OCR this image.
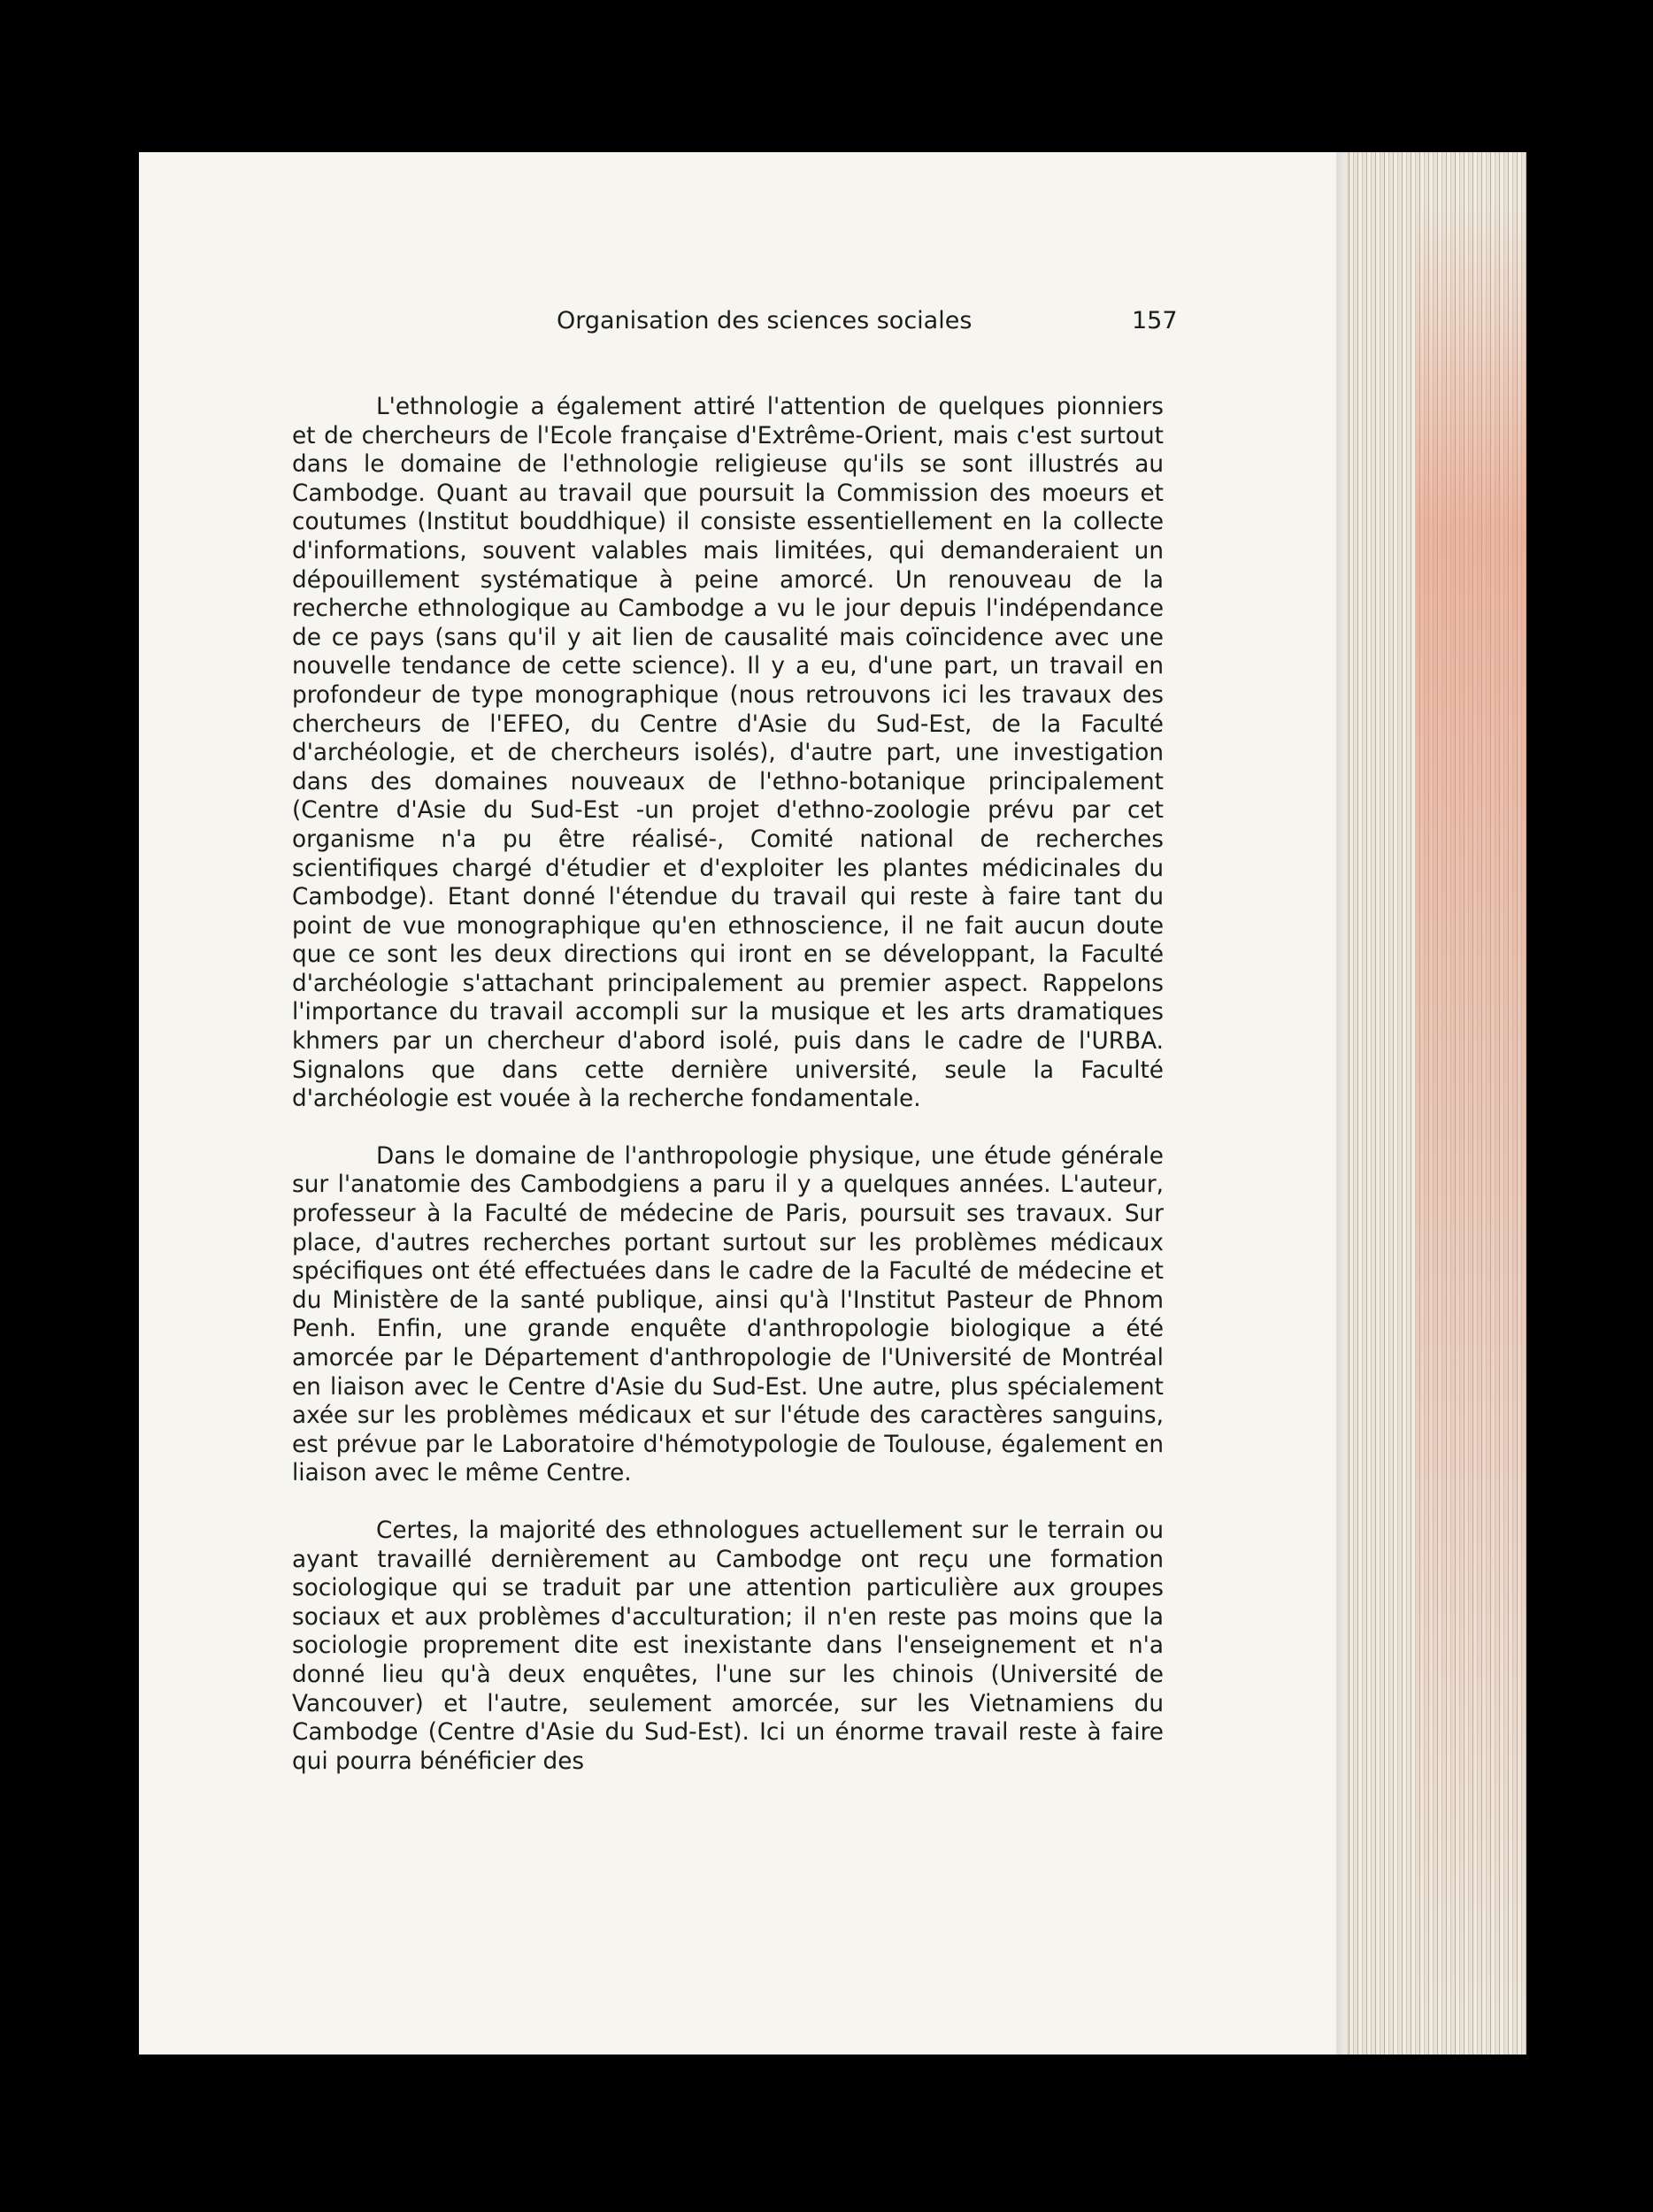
Organisation des sciences sociales	157

L'ethnologie a également attiré l'attention de quelques pionniers et de chercheurs de l'Ecole française d'Extrême-Orient, mais c'est surtout dans le domaine de l'ethnologie religieuse qu'ils se sont illustrés au Cambodge. Quant au travail que poursuit la Commission des moeurs et coutumes (Institut bouddhique) il consiste essentiellement en la collecte d'informations, souvent valables mais limitées, qui demanderaient un dépouillement systématique à peine amorcé. Un renouveau de la recherche ethnologique au Cambodge a vu le jour depuis l'indépendance de ce pays (sans qu'il y ait lien de causalité mais coïncidence avec une nouvelle tendance de cette science). Il y a eu, d'une part, un travail en profondeur de type monographique (nous retrouvons ici les travaux des chercheurs de l'EFEO, du Centre d'Asie du Sud-Est, de la Faculté d'archéologie, et de chercheurs isolés), d'autre part, une investigation dans des domaines nouveaux de l'ethno-botanique principalement (Centre d'Asie du Sud-Est -un projet d'ethno-zoologie prévu par cet organisme n'a pu être réalisé-, Comité national de recherches scientifiques chargé d'étudier et d'exploiter les plantes médicinales du Cambodge). Etant donné l'étendue du travail qui reste à faire tant du point de vue monographique qu'en ethnoscience, il ne fait aucun doute que ce sont les deux directions qui iront en se développant, la Faculté d'archéologie s'attachant principalement au premier aspect. Rappelons l'importance du travail accompli sur la musique et les arts dramatiques khmers par un chercheur d'abord isolé, puis dans le cadre de l'URBA. Signalons que dans cette dernière université, seule la Faculté d'archéologie est vouée à la recherche fondamentale.

Dans le domaine de l'anthropologie physique, une étude générale sur l'anatomie des Cambodgiens a paru il y a quelques années. L'auteur, professeur à la Faculté de médecine de Paris, poursuit ses travaux. Sur place, d'autres recherches portant surtout sur les problèmes médicaux spécifiques ont été effectuées dans le cadre de la Faculté de médecine et du Ministère de la santé publique, ainsi qu'à l'Institut Pasteur de Phnom Penh. Enfin, une grande enquête d'anthropologie biologique a été amorcée par le Département d'anthropologie de l'Université de Montréal en liaison avec le Centre d'Asie du Sud-Est. Une autre, plus spécialement axée sur les problèmes médicaux et sur l'étude des caractères sanguins, est prévue par le Laboratoire d'hémotypologie de Toulouse, également en liaison avec le même Centre.

Certes, la majorité des ethnologues actuellement sur le terrain ou ayant travaillé dernièrement au Cambodge ont reçu une formation sociologique qui se traduit par une attention particulière aux groupes sociaux et aux problèmes d'acculturation; il n'en reste pas moins que la sociologie proprement dite est inexistante dans l'enseignement et n'a donné lieu qu'à deux enquêtes, l'une sur les chinois (Université de Vancouver) et l'autre, seulement amorcée, sur les Vietnamiens du Cambodge (Centre d'Asie du Sud-Est). Ici un énorme travail reste à faire qui pourra bénéficier des
